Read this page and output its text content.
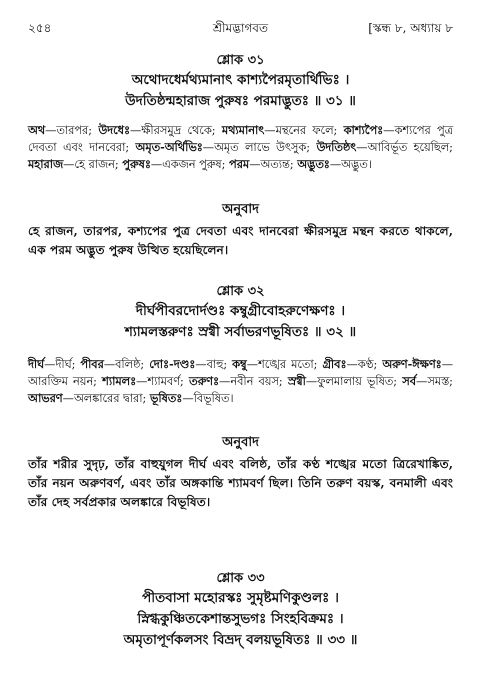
২৫৪	শ্রীমদ্ভাগবত	[স্কন্ধ ৮, অধ্যায় ৮
শ্লোক ৩১
অথোদধের্মথ্যমানাৎ কাশ্যপৈরমৃতার্থিভিঃ ।
উদতিষ্ঠন্মহারাজ পুরুষঃ পরমাদ্ভুতঃ ॥ ৩১ ॥

অথ—তারপর; উদধেঃ—ক্ষীরসমুদ্র থেকে; মথ্যমানাৎ—মন্থনের ফলে; কাশ্যপৈঃ—কশ্যপের পুত্র দেবতা এবং দানবেরা; অমৃত-অর্থিভিঃ—অমৃত লাভে উৎসুক; উদতিষ্ঠৎ—আবির্ভূত হয়েছিল; মহারাজ—হে রাজন; পুরুষঃ—একজন পুরুষ; পরম—অত্যন্ত; অদ্ভুতঃ—অদ্ভুত।

অনুবাদ

হে রাজন, তারপর, কশ্যপের পুত্র দেবতা এবং দানবেরা ক্ষীরসমুদ্র মন্থন করতে থাকলে, এক পরম অদ্ভুত পুরুষ উত্থিত হয়েছিলেন।

শ্লোক ৩২
দীর্ঘপীবরদোর্দণ্ডঃ কম্বুগ্রীবোহরুণেক্ষণঃ ।
শ্যামলস্তরুণঃ স্রগ্বী সর্বাভরণভূষিতঃ ॥ ৩২ ॥

দীর্ঘ—দীর্ঘ; পীবর—বলিষ্ঠ; দোঃ-দণ্ডঃ—বাহু; কম্বু—শঙ্খের মতো; গ্রীবঃ—কণ্ঠ; অরুণ-ঈক্ষণঃ—আরক্তিম নয়ন; শ্যামলঃ—শ্যামবর্ণ; তরুণঃ—নবীন বয়স; স্রগ্বী—ফুলমালায় ভূষিত; সর্ব—সমস্ত; আভরণ—অলঙ্কারের দ্বারা; ভূষিতঃ—বিভূষিত।

অনুবাদ

তাঁর শরীর সুদৃঢ়, তাঁর বাহুযুগল দীর্ঘ এবং বলিষ্ঠ, তাঁর কণ্ঠ শঙ্খের মতো ত্রিরেখাঙ্কিত, তাঁর নয়ন অরুণবর্ণ, এবং তাঁর অঙ্গকান্তি শ্যামবর্ণ ছিল। তিনি তরুণ বয়স্ক, বনমালী এবং তাঁর দেহ সর্বপ্রকার অলঙ্কারে বিভূষিত।

শ্লোক ৩৩
পীতবাসা মহোরস্কঃ সুমৃষ্টমণিকুণ্ডলঃ ।
স্নিগ্ধকুঞ্চিতকেশান্তসুভগঃ সিংহবিক্রমঃ ।
অমৃতাপূর্ণকলসং বিভ্রদ্ বলয়ভূষিতঃ ॥ ৩৩ ॥
